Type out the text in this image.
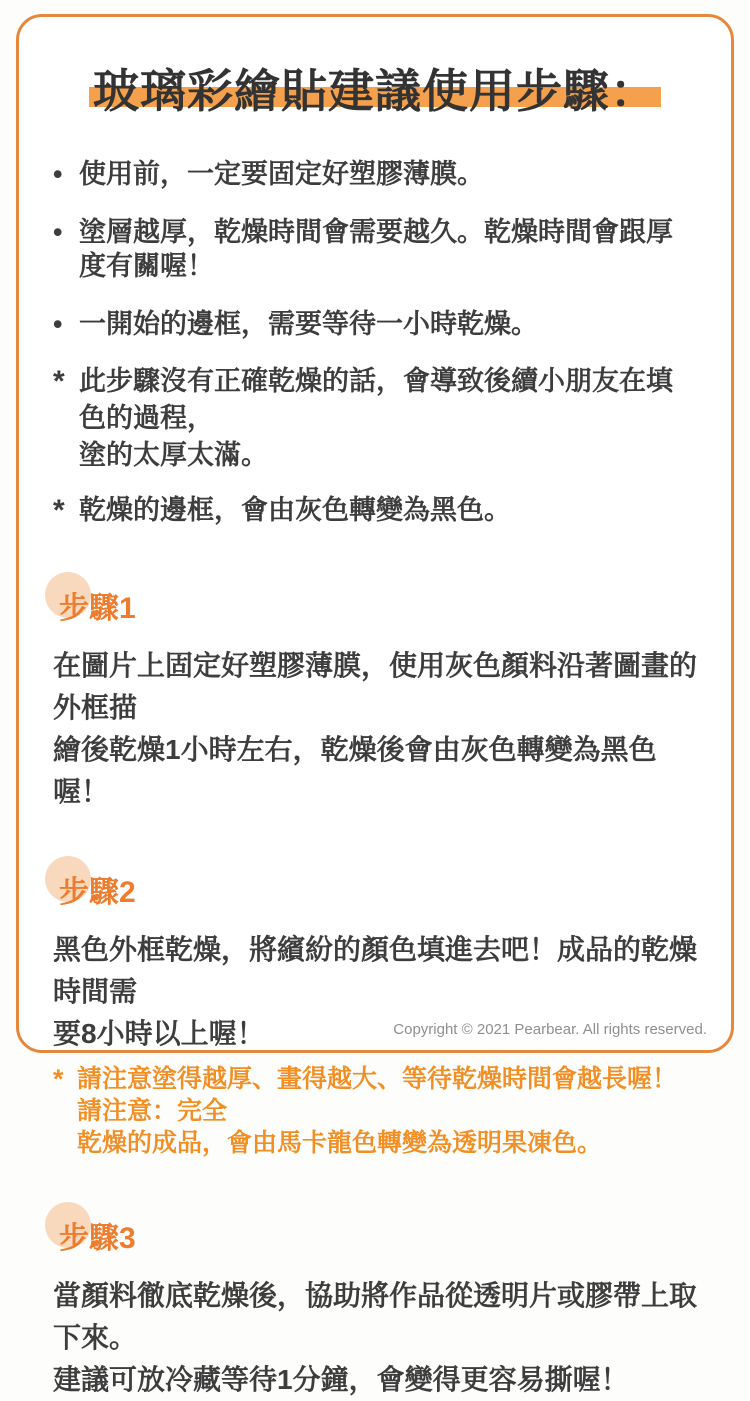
玻璃彩繪貼建議使用步驟：
• 使用前，一定要固定好塑膠薄膜。
• 塗層越厚，乾燥時間會需要越久。乾燥時間會跟厚度有關喔！
• 一開始的邊框，需要等待一小時乾燥。
* 此步驟沒有正確乾燥的話，會導致後續小朋友在填色的過程，
塗的太厚太滿。
* 乾燥的邊框，會由灰色轉變為黑色。
步驟1
在圖片上固定好塑膠薄膜，使用灰色顏料沿著圖畫的外框描
繪後乾燥1小時左右，乾燥後會由灰色轉變為黑色喔！
步驟2
黑色外框乾燥，將繽紛的顏色填進去吧！成品的乾燥時間需
要8小時以上喔！
* 請注意塗得越厚、畫得越大、等待乾燥時間會越長喔！請注意：完全
乾燥的成品，會由馬卡龍色轉變為透明果凍色。
步驟3
當顏料徹底乾燥後，協助將作品從透明片或膠帶上取下來。
建議可放冷藏等待1分鐘，會變得更容易撕喔！
Copyright © 2021 Pearbear. All rights reserved.
